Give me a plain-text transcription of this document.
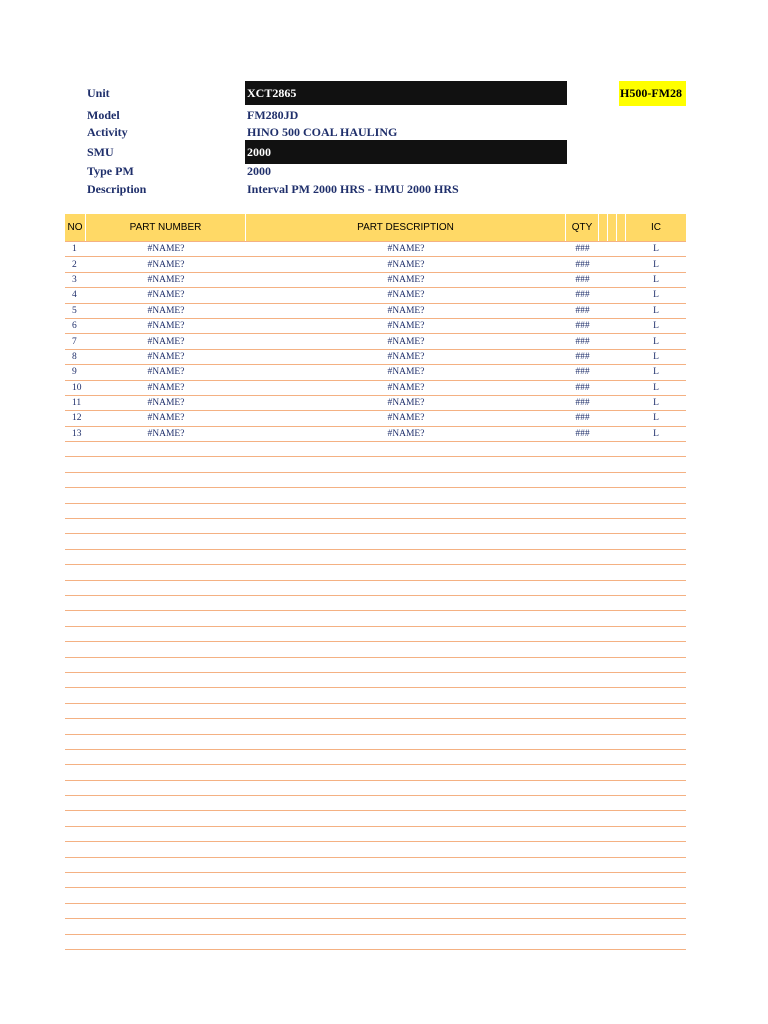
Unit	XCT2865	H500-FM28
Model	FM280JD
Activity	HINO 500 COAL HAULING
SMU	2000
Type PM	2000
Description	Interval PM 2000 HRS - HMU 2000 HRS
NO	PART NUMBER	PART DESCRIPTION	QTY	IC
1	#NAME?	#NAME?	###	L
2	#NAME?	#NAME?	###	L
3	#NAME?	#NAME?	###	L
4	#NAME?	#NAME?	###	L
5	#NAME?	#NAME?	###	L
6	#NAME?	#NAME?	###	L
7	#NAME?	#NAME?	###	L
8	#NAME?	#NAME?	###	L
9	#NAME?	#NAME?	###	L
10	#NAME?	#NAME?	###	L
11	#NAME?	#NAME?	###	L
12	#NAME?	#NAME?	###	L
13	#NAME?	#NAME?	###	L
